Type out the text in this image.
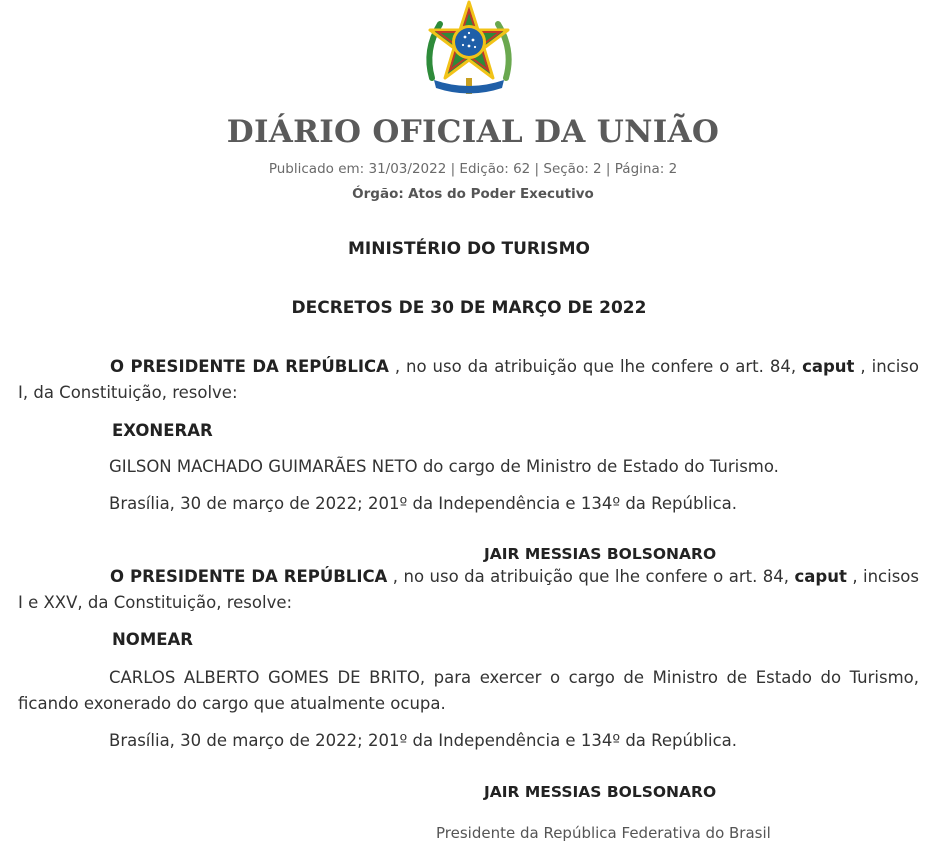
DIÁRIO OFICIAL DA UNIÃO
Publicado em: 31/03/2022 | Edição: 62 | Seção: 2 | Página: 2
Órgão: Atos do Poder Executivo
MINISTÉRIO DO TURISMO
DECRETOS DE 30 DE MARÇO DE 2022
O PRESIDENTE DA REPÚBLICA , no uso da atribuição que lhe confere o art. 84, caput , inciso I, da Constituição, resolve:
EXONERAR
GILSON MACHADO GUIMARÃES NETO do cargo de Ministro de Estado do Turismo.
Brasília, 30 de março de 2022; 201º da Independência e 134º da República.
JAIR MESSIAS BOLSONARO
O PRESIDENTE DA REPÚBLICA , no uso da atribuição que lhe confere o art. 84, caput , incisos I e XXV, da Constituição, resolve:
NOMEAR
CARLOS ALBERTO GOMES DE BRITO, para exercer o cargo de Ministro de Estado do Turismo, ficando exonerado do cargo que atualmente ocupa.
Brasília, 30 de março de 2022; 201º da Independência e 134º da República.
JAIR MESSIAS BOLSONARO
Presidente da República Federativa do Brasil
